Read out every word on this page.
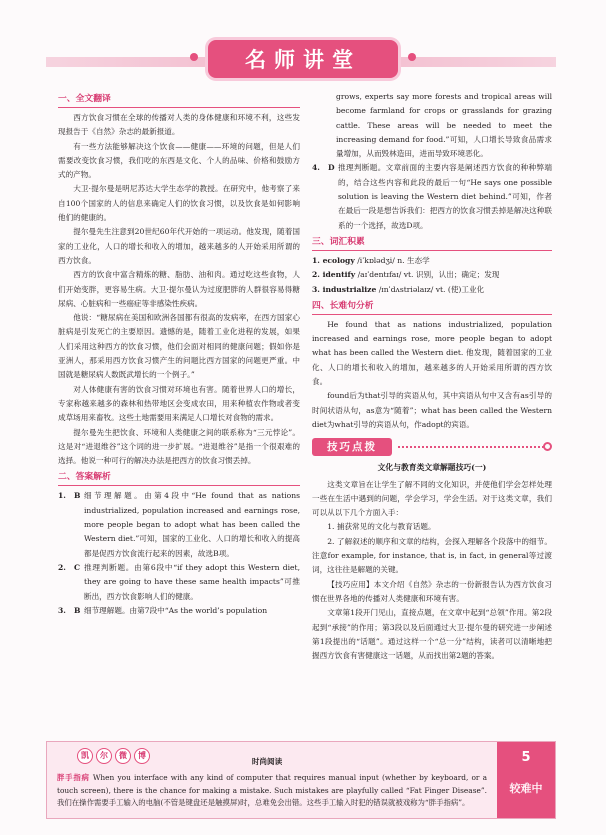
名师讲堂
一、全文翻译

西方饮食习惯在全球的传播对人类的身体健康和环境不利，这些发现报告于《自然》杂志的最新报道。

有一些方法能够解决这个饮食——健康——环境的问题，但是人们需要改变饮食习惯，我们吃的东西是文化、个人的品味、价格和鼓励方式的产物。

大卫·提尔曼是明尼苏达大学生态学的教授。在研究中，他考察了来自100个国家的人的信息来确定人们的饮食习惯，以及饮食是如何影响他们的健康的。

提尔曼先生注意到20世纪60年代开始的一项运动。他发现，随着国家的工业化，人口的增长和收入的增加，越来越多的人开始采用所谓的西方饮食。

西方的饮食中富含精炼的糖、脂肪、油和肉。通过吃这些食物，人们开始变胖，更容易生病。大卫·提尔曼认为过度肥胖的人群很容易得糖尿病、心脏病和一些癌症等非感染性疾病。

他说：“糖尿病在美国和欧洲各国都有很高的发病率，在西方国家心脏病是引发死亡的主要原因。遗憾的是，随着工业化进程的发展，如果人们采用这种西方的饮食习惯，他们会面对相同的健康问题；假如你是亚洲人，那采用西方饮食习惯产生的问题比西方国家的问题更严重。中国就是糖尿病人数既武增长的一个例子。”

对人体健康有害的饮食习惯对环境也有害。随着世界人口的增长，专家称越来越多的森林和热带地区会变成农田，用来种植农作物或者变成草场用来畜牧。这些土地需要用来满足人口增长对食物的需求。

提尔曼先生把饮食、环境和人类健康之间的联系称为“三元悖论”。这是对“进退维谷”这个词的进一步扩展。“进退维谷”是指一个很艰难的选择。他说一种可行的解决办法是把西方的饮食习惯丢掉。

二、答案解析
1.	B 细节理解题。由第4段中“He found that as nations industrialized, population increased and earnings rose, more people began to adopt what has been called the Western diet.”可知，国家的工业化、人口的增长和收入的提高都是促西方饮食流行起来的因素，故选B项。
2.	C 推理判断题。由第6段中“if they adopt this Western diet, they are going to have these same health impacts”可推断出，西方饮食影响人们的健康。
3.	B 细节理解题。由第7段中“As the world’s population

grows, experts say more forests and tropical areas will become farmland for crops or grasslands for grazing cattle. These areas will be needed to meet the increasing demand for food.”可知，人口增长导致食品需求量增加，从而毁林造田，进而导致环境恶化。

4.	D 推理判断题。文章前面的主要内容是阐述西方饮食的种种弊端的，结合这些内容和此段的最后一句“He says one possible solution is leaving the Western diet behind.”可知，作者在最后一段是想告诉我们：把西方的饮食习惯丢掉是解决这种联系的一个选择，故选D项。
三、词汇积累

1. ecology /iˈkɒlədʒi/ n. 生态学

2. identify /aɪˈdentɪfaɪ/ vt. 识别，认出；确定；发现

3. industrialize /ɪnˈdʌstriəlaɪz/ vt. (使)工业化

四、长难句分析

He found that as nations industrialized, population increased and earnings rose, more people began to adopt what has been called the Western diet. 他发现，随着国家的工业化、人口的增长和收入的增加，越来越多的人开始采用所谓的西方饮食。

found后为that引导的宾语从句，其中宾语从句中又含有as引导的时间状语从句，as意为“随着”；what has been called the Western diet为what引导的宾语从句，作adopt的宾语。

技巧点拨

文化与教育类文章解题技巧(一)

这类文章旨在让学生了解不同的文化知识，并使他们学会怎样处理一些在生活中遇到的问题，学会学习，学会生活。对于这类文章，我们可以从以下几个方面入手：

1. 捕获常见的文化与教育话题。

2. 了解叙述的顺序和文章的结构，会探入理解各个段落中的细节。注意for example, for instance, that is, in fact, in general等过渡词，这往往是解题的关键。

【技巧应用】本文介绍《自然》杂志的一份新报告认为西方饮食习惯在世界各地的传播对人类健康和环境有害。

文章第1段开门见山，直接点题，在文章中起到“总领”作用。第2段起到“承接”的作用；第3段以及后面通过大卫·提尔曼的研究进一步阐述第1段提出的“话题”。通过这样一个“总一分”结构，读者可以清晰地把握西方饮食有害健康这一话题，从而找出第2题的答案。

凯	尔	微	博
时尚阅读
胖手指病 When you interface with any kind of computer that requires manual input (whether by keyboard, or a touch screen), there is the chance for making a mistake. Such mistakes are playfully called “Fat Finger Disease”. 我们在操作需要手工输入的电脑(不管是键盘还是触摸屏)时，总难免会出错。这些手工输入时犯的错误就被戏称为“胖手指病”。
5
较难中
